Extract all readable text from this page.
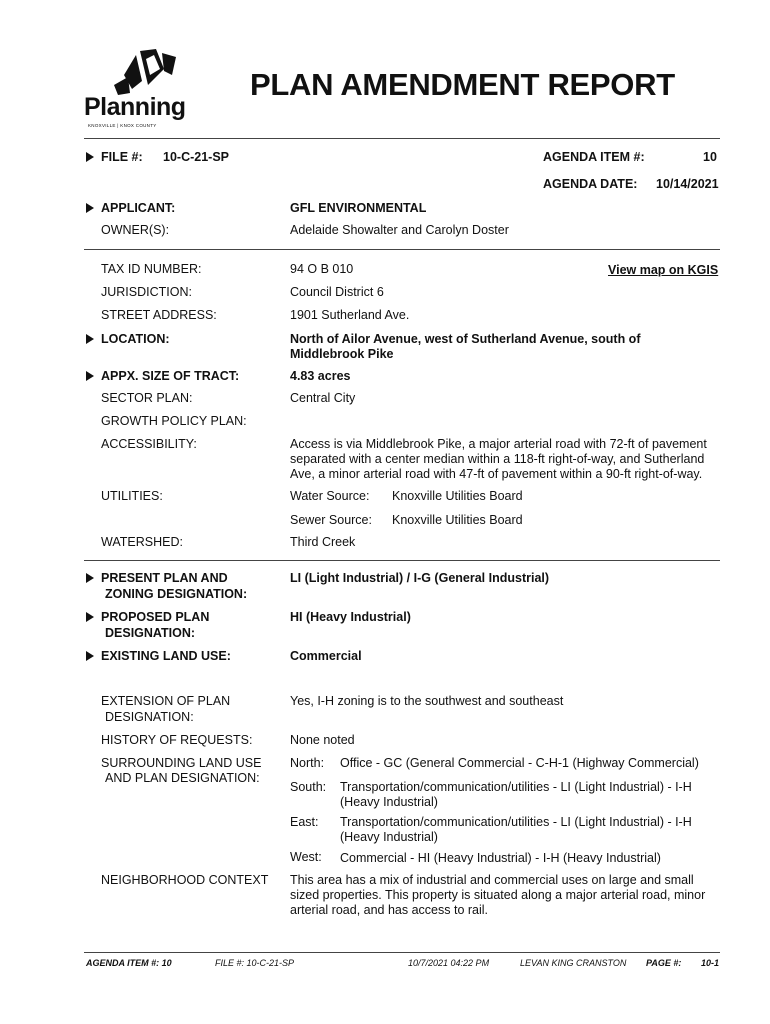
Planning
KNOXVILLE | KNOX COUNTY
PLAN AMENDMENT REPORT
FILE #: 10-C-21-SP	AGENDA ITEM #:	10
AGENDA DATE: 10/14/2021
APPLICANT:	GFL ENVIRONMENTAL
OWNER(S):	Adelaide Showalter and Carolyn Doster
TAX ID NUMBER:	94 O B 010	View map on KGIS
JURISDICTION:	Council District 6
STREET ADDRESS:	1901 Sutherland Ave.
LOCATION:	North of Ailor Avenue, west of Sutherland Avenue, south of Middlebrook Pike
APPX. SIZE OF TRACT:	4.83 acres
SECTOR PLAN:	Central City
GROWTH POLICY PLAN:
ACCESSIBILITY:	Access is via Middlebrook Pike, a major arterial road with 72-ft of pavement separated with a center median within a 118-ft right-of-way, and Sutherland Ave, a minor arterial road with 47-ft of pavement within a 90-ft right-of-way.
UTILITIES:	Water Source: Knoxville Utilities Board
Sewer Source: Knoxville Utilities Board
WATERSHED:	Third Creek
PRESENT PLAN AND
ZONING DESIGNATION:
LI (Light Industrial) / I-G (General Industrial)
PROPOSED PLAN
DESIGNATION:
HI (Heavy Industrial)
EXISTING LAND USE:	Commercial
EXTENSION OF PLAN
DESIGNATION:
Yes, I-H zoning is to the southwest and southeast
HISTORY OF REQUESTS:	None noted
SURROUNDING LAND USE
AND PLAN DESIGNATION:
North: Office - GC (General Commercial - C-H-1 (Highway Commercial)
South: Transportation/communication/utilities - LI (Light Industrial) - I-H (Heavy Industrial)
East: Transportation/communication/utilities - LI (Light Industrial) - I-H (Heavy Industrial)
West: Commercial - HI (Heavy Industrial) - I-H (Heavy Industrial)
NEIGHBORHOOD CONTEXT This area has a mix of industrial and commercial uses on large and small sized properties. This property is situated along a major arterial road, minor arterial road, and has access to rail.
AGENDA ITEM #: 10	FILE #: 10-C-21-SP	10/7/2021 04:22 PM	LEVAN KING CRANSTON PAGE #: 10-1
